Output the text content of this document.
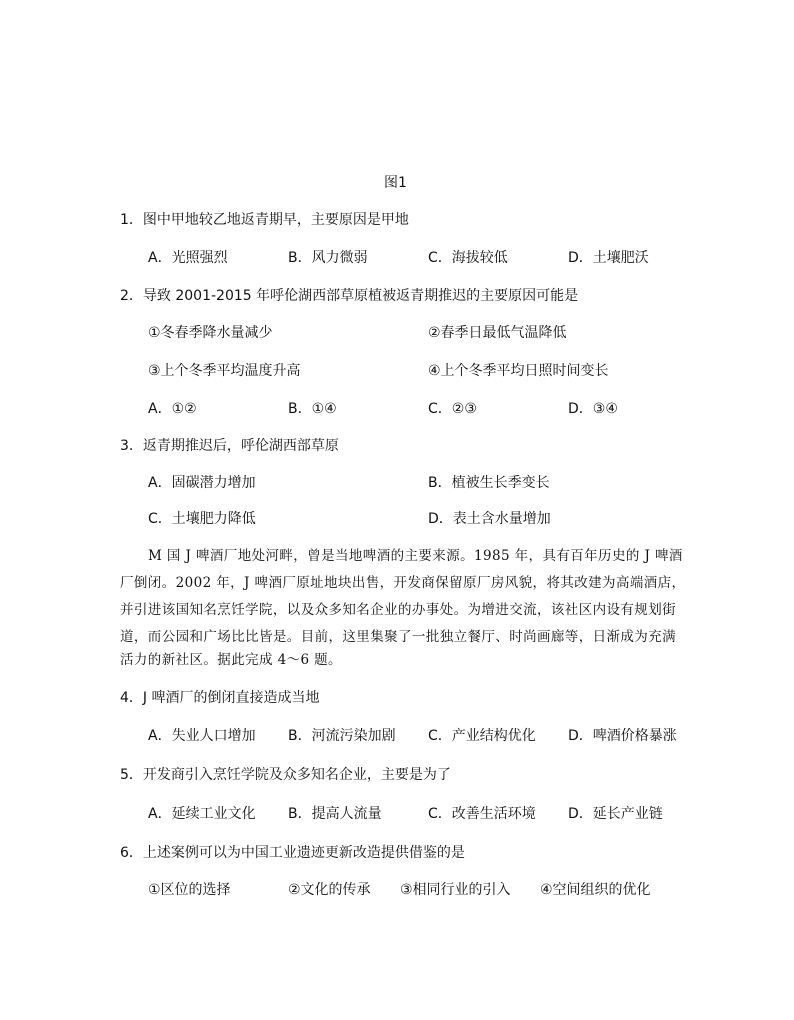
图1
1．图中甲地较乙地返青期早，主要原因是甲地
A．光照强烈	B．风力微弱	C．海拔较低	D．土壤肥沃
2．导致 2001-2015 年呼伦湖西部草原植被返青期推迟的主要原因可能是
①冬春季降水量减少	②春季日最低气温降低
③上个冬季平均温度升高	④上个冬季平均日照时间变长
A．①②	B．①④	C．②③	D．③④
3．返青期推迟后，呼伦湖西部草原
A．固碳潜力增加	B．植被生长季变长
C．土壤肥力降低	D．表土含水量增加
M 国 J 啤酒厂地处河畔，曾是当地啤酒的主要来源。1985 年，具有百年历史的 J 啤酒
厂倒闭。2002 年，J 啤酒厂原址地块出售，开发商保留原厂房风貌，将其改建为高端酒店，
并引进该国知名烹饪学院，以及众多知名企业的办事处。为增进交流，该社区内设有规划街
道，而公园和广场比比皆是。目前，这里集聚了一批独立餐厅、时尚画廊等，日渐成为充满
活力的新社区。据此完成 4～6 题。
4．J 啤酒厂的倒闭直接造成当地
A．失业人口增加 B．河流污染加剧 C．产业结构优化 D．啤酒价格暴涨
5．开发商引入烹饪学院及众多知名企业，主要是为了
A．延续工业文化 B．提高人流量	C．改善生活环境 D．延长产业链
6．上述案例可以为中国工业遗迹更新改造提供借鉴的是
①区位的选择	②文化的传承 ③相同行业的引入 ④空间组织的优化
